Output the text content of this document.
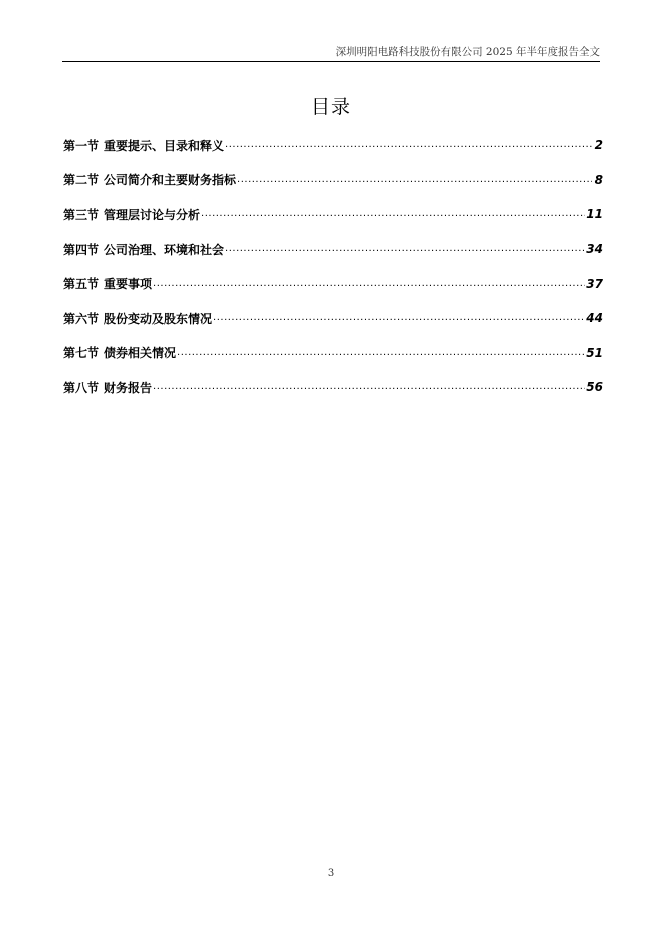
深圳明阳电路科技股份有限公司 2025 年半年度报告全文
目录
第一节 重要提示、目录和释义 .....	2
第二节 公司简介和主要财务指标 .....	8
第三节 管理层讨论与分析 .....	11
第四节 公司治理、环境和社会 .....	34
第五节 重要事项 .....	37
第六节 股份变动及股东情况 .....	44
第七节 债券相关情况 .....	51
第八节 财务报告 .....	56
3
